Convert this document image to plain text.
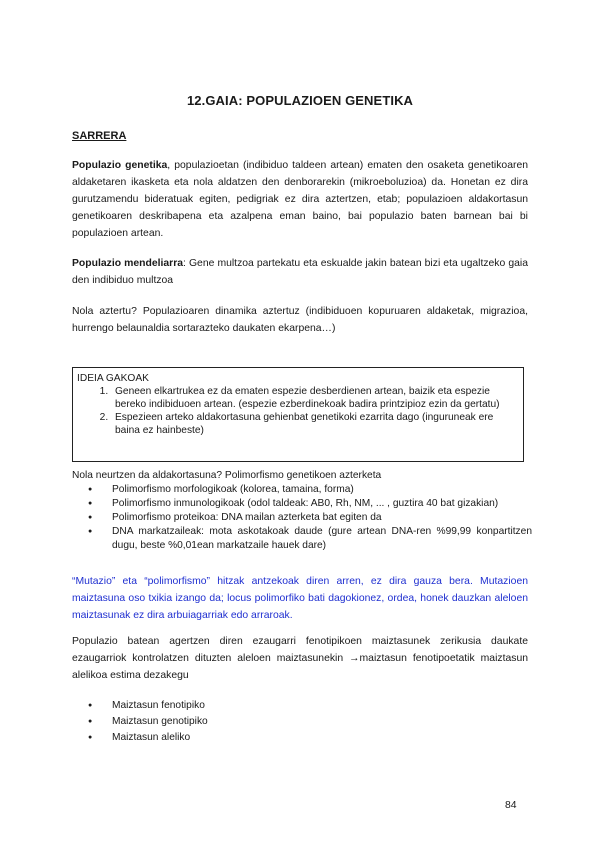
12.GAIA: POPULAZIOEN GENETIKA
SARRERA

Populazio genetika, populazioetan (indibiduo taldeen artean) ematen den osaketa genetikoaren aldaketaren ikasketa eta nola aldatzen den denborarekin (mikroeboluzioa) da. Honetan ez dira gurutzamendu bideratuak egiten, pedigriak ez dira aztertzen, etab; populazioen aldakortasun genetikoaren deskribapena eta azalpena eman baino, bai populazio baten barnean bai bi populazioen artean.

Populazio mendeliarra: Gene multzoa partekatu eta eskualde jakin batean bizi eta ugaltzeko gaia den indibiduo multzoa

Nola aztertu? Populazioaren dinamika aztertuz (indibiduoen kopuruaren aldaketak, migrazioa, hurrengo belaunaldia sortarazteko daukaten ekarpena…)

IDEIA GAKOAK
1. Geneen elkartrukea ez da ematen espezie desberdienen artean, baizik eta espezie bereko indibiduoen artean. (espezie ezberdinekoak badira printzipioz ezin da gertatu)
2. Espezieen arteko aldakortasuna gehienbat genetikoki ezarrita dago (inguruneak ere baina ez hainbeste)
Nola neurtzen da aldakortasuna? Polimorfismo genetikoen azterketa
● Polimorfismo morfologikoak (kolorea, tamaina, forma)
● Polimorfismo inmunologikoak (odol taldeak: AB0, Rh, NM, ... , guztira 40 bat gizakian)
● Polimorfismo proteikoa: DNA mailan azterketa bat egiten da
● DNA markatzaileak: mota askotakoak daude (gure artean DNA-ren %99,99 konpartitzen dugu, beste %0,01ean markatzaile hauek dare)

“Mutazio” eta “polimorfismo” hitzak antzekoak diren arren, ez dira gauza bera. Mutazioen maiztasuna oso txikia izango da; locus polimorfiko bati dagokionez, ordea, honek dauzkan aleloen maiztasunak ez dira arbuiagarriak edo arraroak.

Populazio batean agertzen diren ezaugarri fenotipikoen maiztasunek zerikusia daukate ezaugarriok kontrolatzen dituzten aleloen maiztasunekin →maiztasun fenotipoetatik maiztasun alelikoa estima dezakegu

● Maiztasun fenotipiko
● Maiztasun genotipiko
● Maiztasun aleliko
84
